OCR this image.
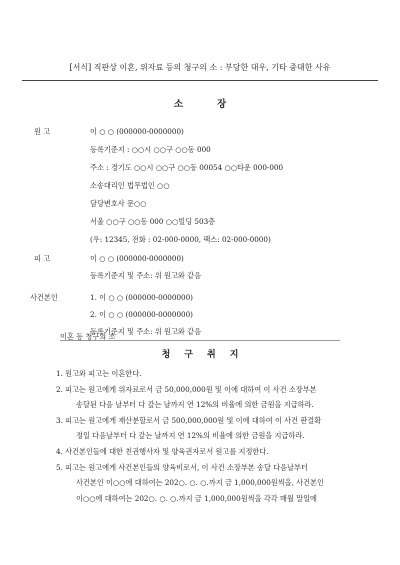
[서식] 직판상 이혼, 위자료 등의 청구의 소 : 부당한 대우, 기타 중대한 사유
소장
원 고	이 ○ ○ (000000-0000000)
등록기준지 : ○○시 ○○구 ○○동 000
주소 : 경기도 ○○시 ○○구 ○○동 00054 ○○타운 000-000
소송대리인 법무법인 ○○
담당변호사 문○○
서울 ○○구 ○○동 000 ○○빌딩 503층
(우: 12345, 전화 : 02-000-0000, 팩스: 02-000-0000)
피 고	이 ○ ○ (000000-0000000)
등록기준지 및 주소: 위 원고와 같음
사건본인	1. 이 ○ ○ (000000-0000000)
2. 이 ○ ○ (000000-0000000)
등록기준지 및 주소: 위 원고와 같음
이혼 등 청구의 소
청구취지
1. 원고와 피고는 이혼한다.
2. 피고는 원고에게 위자료로서 금 50,000,000원 및 이에 대하여 이 사건 소장부본
송달된 다음 날부터 다 갚는 날까지 연 12%의 비율에 의한 금원을 지급하라.
3. 피고는 원고에게 재산분할로서 금 500,000,000원 및 이에 대하여 이 사건 판결확
정일 다음날부터 다 갚는 날까지 연 12%의 비율에 의한 금원을 지급하라.
4. 사건본인들에 대한 친권행사자 및 양육권자로서 원고를 지정한다.
5. 피고는 원고에게 사건본인들의 양육비로서, 이 사건 소장부본 송달 다음날부터
사건본인 이○○에 대하여는 202○. ○. ○.까지 금 1,000,000원씩을, 사건본인
이○○에 대하여는 202○. ○. ○.까지 금 1,000,000원씩을 각각 매월 말일에
